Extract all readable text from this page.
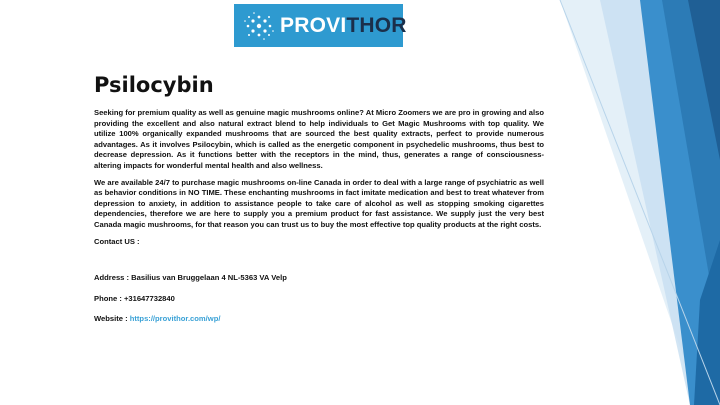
PROVITHOR
Psilocybin

Seeking for premium quality as well as genuine magic mushrooms online? At Micro Zoomers we are pro in growing and also providing the excellent and also natural extract blend to help individuals to Get Magic Mushrooms with top quality. We utilize 100% organically expanded mushrooms that are sourced the best quality extracts, perfect to provide numerous advantages. As it involves Psilocybin, which is called as the energetic component in psychedelic mushrooms, thus best to decrease depression. As it functions better with the receptors in the mind, thus, generates a range of consciousness-altering impacts for wonderful mental health and also wellness.

We are available 24/7 to purchase magic mushrooms on-line Canada in order to deal with a large range of psychiatric as well as behavior conditions in NO TIME. These enchanting mushrooms in fact imitate medication and best to treat whatever from depression to anxiety, in addition to assistance people to take care of alcohol as well as stopping smoking cigarettes dependencies, therefore we are here to supply you a premium product for fast assistance. We supply just the very best Canada magic mushrooms, for that reason you can trust us to buy the most effective top quality products at the right costs.

Contact US :

Address : Basilius van Bruggelaan 4 NL-5363 VA Velp

Phone : +31647732840

Website : https://provithor.com/wp/
